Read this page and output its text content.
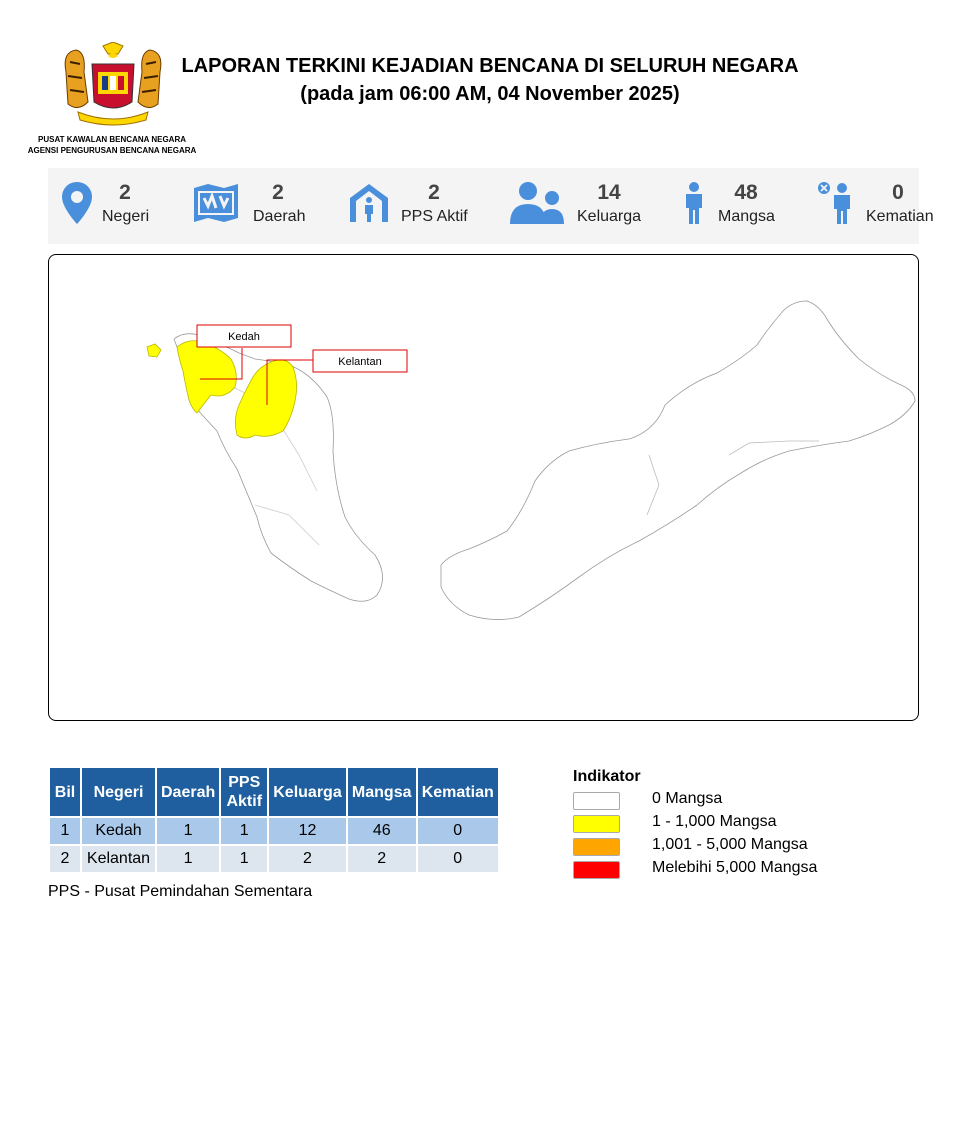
PUSAT KAWALAN BENCANA NEGARA
AGENSI PENGURUSAN BENCANA NEGARA
LAPORAN TERKINI KEJADIAN BENCANA DI SELURUH NEGARA
(pada jam 06:00 AM, 04 November 2025)
2
Negeri
2
Daerah
2
PPS Aktif
14
Keluarga
48
Mangsa
0
Kematian
Kedah
Kelantan
Bil	Negeri	Daerah	PPS Aktif	Keluarga	Mangsa	Kematian
1	Kedah	1	1	12	46	0
2	Kelantan	1	1	2	2	0
PPS - Pusat Pemindahan Sementara
Indikator
0 Mangsa
1 - 1,000 Mangsa
1,001 - 5,000 Mangsa
Melebihi 5,000 Mangsa
